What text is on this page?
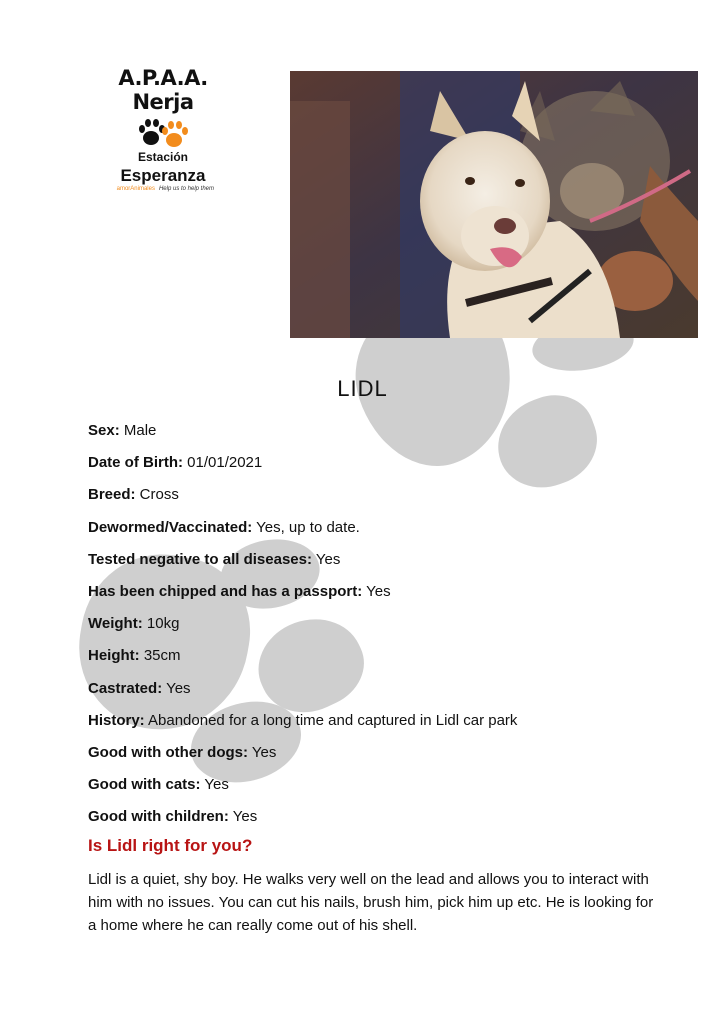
A.P.A.A. Nerja
Estación
Esperanza
amorAnimales Help us to help them
LIDL
Sex: Male
Date of Birth: 01/01/2021
Breed: Cross
Dewormed/Vaccinated: Yes, up to date.
Tested negative to all diseases: Yes
Has been chipped and has a passport: Yes
Weight: 10kg
Height: 35cm
Castrated: Yes
History: Abandoned for a long time and captured in Lidl car park
Good with other dogs: Yes
Good with cats: Yes
Good with children: Yes
Is Lidl right for you?
Lidl is a quiet, shy boy. He walks very well on the lead and allows you to interact with him with no issues. You can cut his nails, brush him, pick him up etc. He is looking for a home where he can really come out of his shell.
